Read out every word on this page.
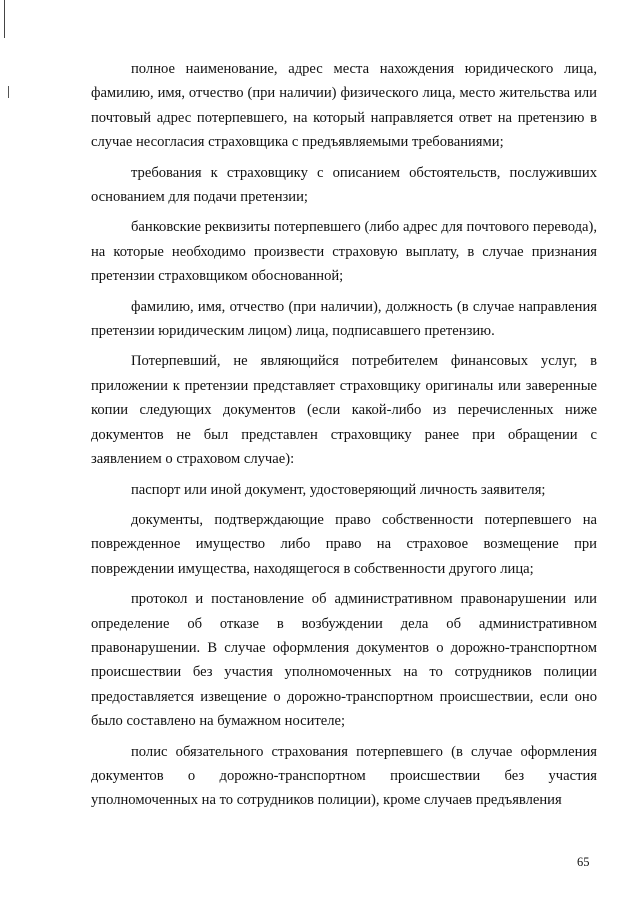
полное наименование, адрес места нахождения юридического лица, фамилию, имя, отчество (при наличии) физического лица, место жительства или почтовый адрес потерпевшего, на который направляется ответ на претензию в случае несогласия страховщика с предъявляемыми требованиями;

требования к страховщику с описанием обстоятельств, послуживших основанием для подачи претензии;

банковские реквизиты потерпевшего (либо адрес для почтового перевода), на которые необходимо произвести страховую выплату, в случае признания претензии страховщиком обоснованной;

фамилию, имя, отчество (при наличии), должность (в случае направления претензии юридическим лицом) лица, подписавшего претензию.

Потерпевший, не являющийся потребителем финансовых услуг, в приложении к претензии представляет страховщику оригиналы или заверенные копии следующих документов (если какой-либо из перечисленных ниже документов не был представлен страховщику ранее при обращении с заявлением о страховом случае):

паспорт или иной документ, удостоверяющий личность заявителя;

документы, подтверждающие право собственности потерпевшего на поврежденное имущество либо право на страховое возмещение при повреждении имущества, находящегося в собственности другого лица;

протокол и постановление об административном правонарушении или определение об отказе в возбуждении дела об административном правонарушении. В случае оформления документов о дорожно-транспортном происшествии без участия уполномоченных на то сотрудников полиции предоставляется извещение о дорожно-транспортном происшествии, если оно было составлено на бумажном носителе;

полис обязательного страхования потерпевшего (в случае оформления документов о дорожно-транспортном происшествии без участия уполномоченных на то сотрудников полиции), кроме случаев предъявления

65
